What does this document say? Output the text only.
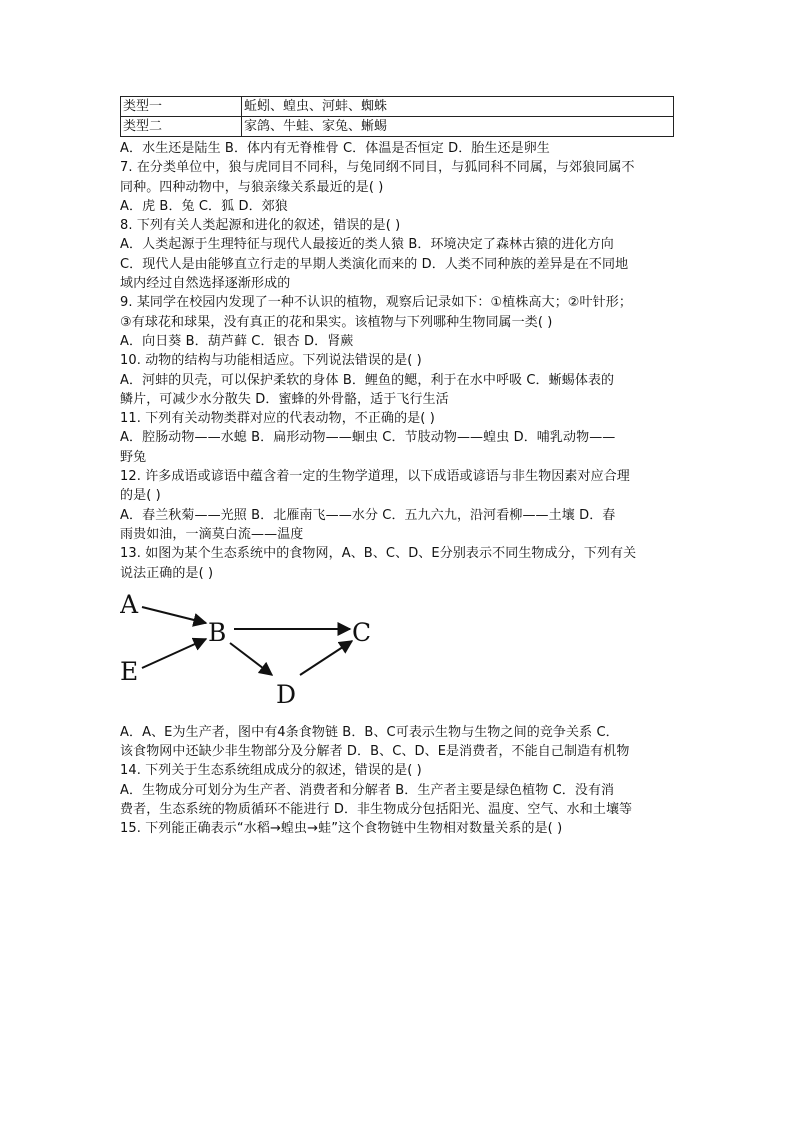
类型一	蚯蚓、蝗虫、河蚌、蜘蛛
类型二	家鸽、牛蛙、家兔、蜥蜴
A．水生还是陆生 B．体内有无脊椎骨 C．体温是否恒定 D．胎生还是卵生
7. 在分类单位中，狼与虎同目不同科，与兔同纲不同目，与狐同科不同属，与郊狼同属不
同种。四种动物中，与狼亲缘关系最近的是( )
A．虎 B．兔 C．狐 D．郊狼
8. 下列有关人类起源和进化的叙述，错误的是( )
A．人类起源于生理特征与现代人最接近的类人猿 B．环境决定了森林古猿的进化方向
C．现代人是由能够直立行走的早期人类演化而来的 D．人类不同种族的差异是在不同地
域内经过自然选择逐渐形成的
9. 某同学在校园内发现了一种不认识的植物，观察后记录如下：①植株高大；②叶针形；
③有球花和球果，没有真正的花和果实。该植物与下列哪种生物同属一类( )
A．向日葵 B．葫芦藓 C．银杏 D．肾蕨
10. 动物的结构与功能相适应。下列说法错误的是( )
A．河蚌的贝壳，可以保护柔软的身体 B．鲤鱼的鳃，利于在水中呼吸 C．蜥蜴体表的
鳞片，可减少水分散失 D．蜜蜂的外骨骼，适于飞行生活
11. 下列有关动物类群对应的代表动物，不正确的是( )
A．腔肠动物——水螅 B．扁形动物——蛔虫 C．节肢动物——蝗虫 D．哺乳动物——
野兔
12. 许多成语或谚语中蕴含着一定的生物学道理，以下成语或谚语与非生物因素对应合理
的是( )
A．春兰秋菊——光照 B．北雁南飞——水分 C．五九六九，沿河看柳——土壤 D．春
雨贵如油，一滴莫白流——温度
13. 如图为某个生态系统中的食物网，A、B、C、D、E分别表示不同生物成分，下列有关
说法正确的是( )
A
B	C
D
E
A．A、E为生产者，图中有4条食物链 B．B、C可表示生物与生物之间的竞争关系 C．
该食物网中还缺少非生物部分及分解者 D．B、C、D、E是消费者，不能自己制造有机物
14. 下列关于生态系统组成成分的叙述，错误的是( )
A．生物成分可划分为生产者、消费者和分解者 B．生产者主要是绿色植物 C．没有消
费者，生态系统的物质循环不能进行 D．非生物成分包括阳光、温度、空气、水和土壤等
15. 下列能正确表示“水稻→蝗虫→蛙”这个食物链中生物相对数量关系的是( )
